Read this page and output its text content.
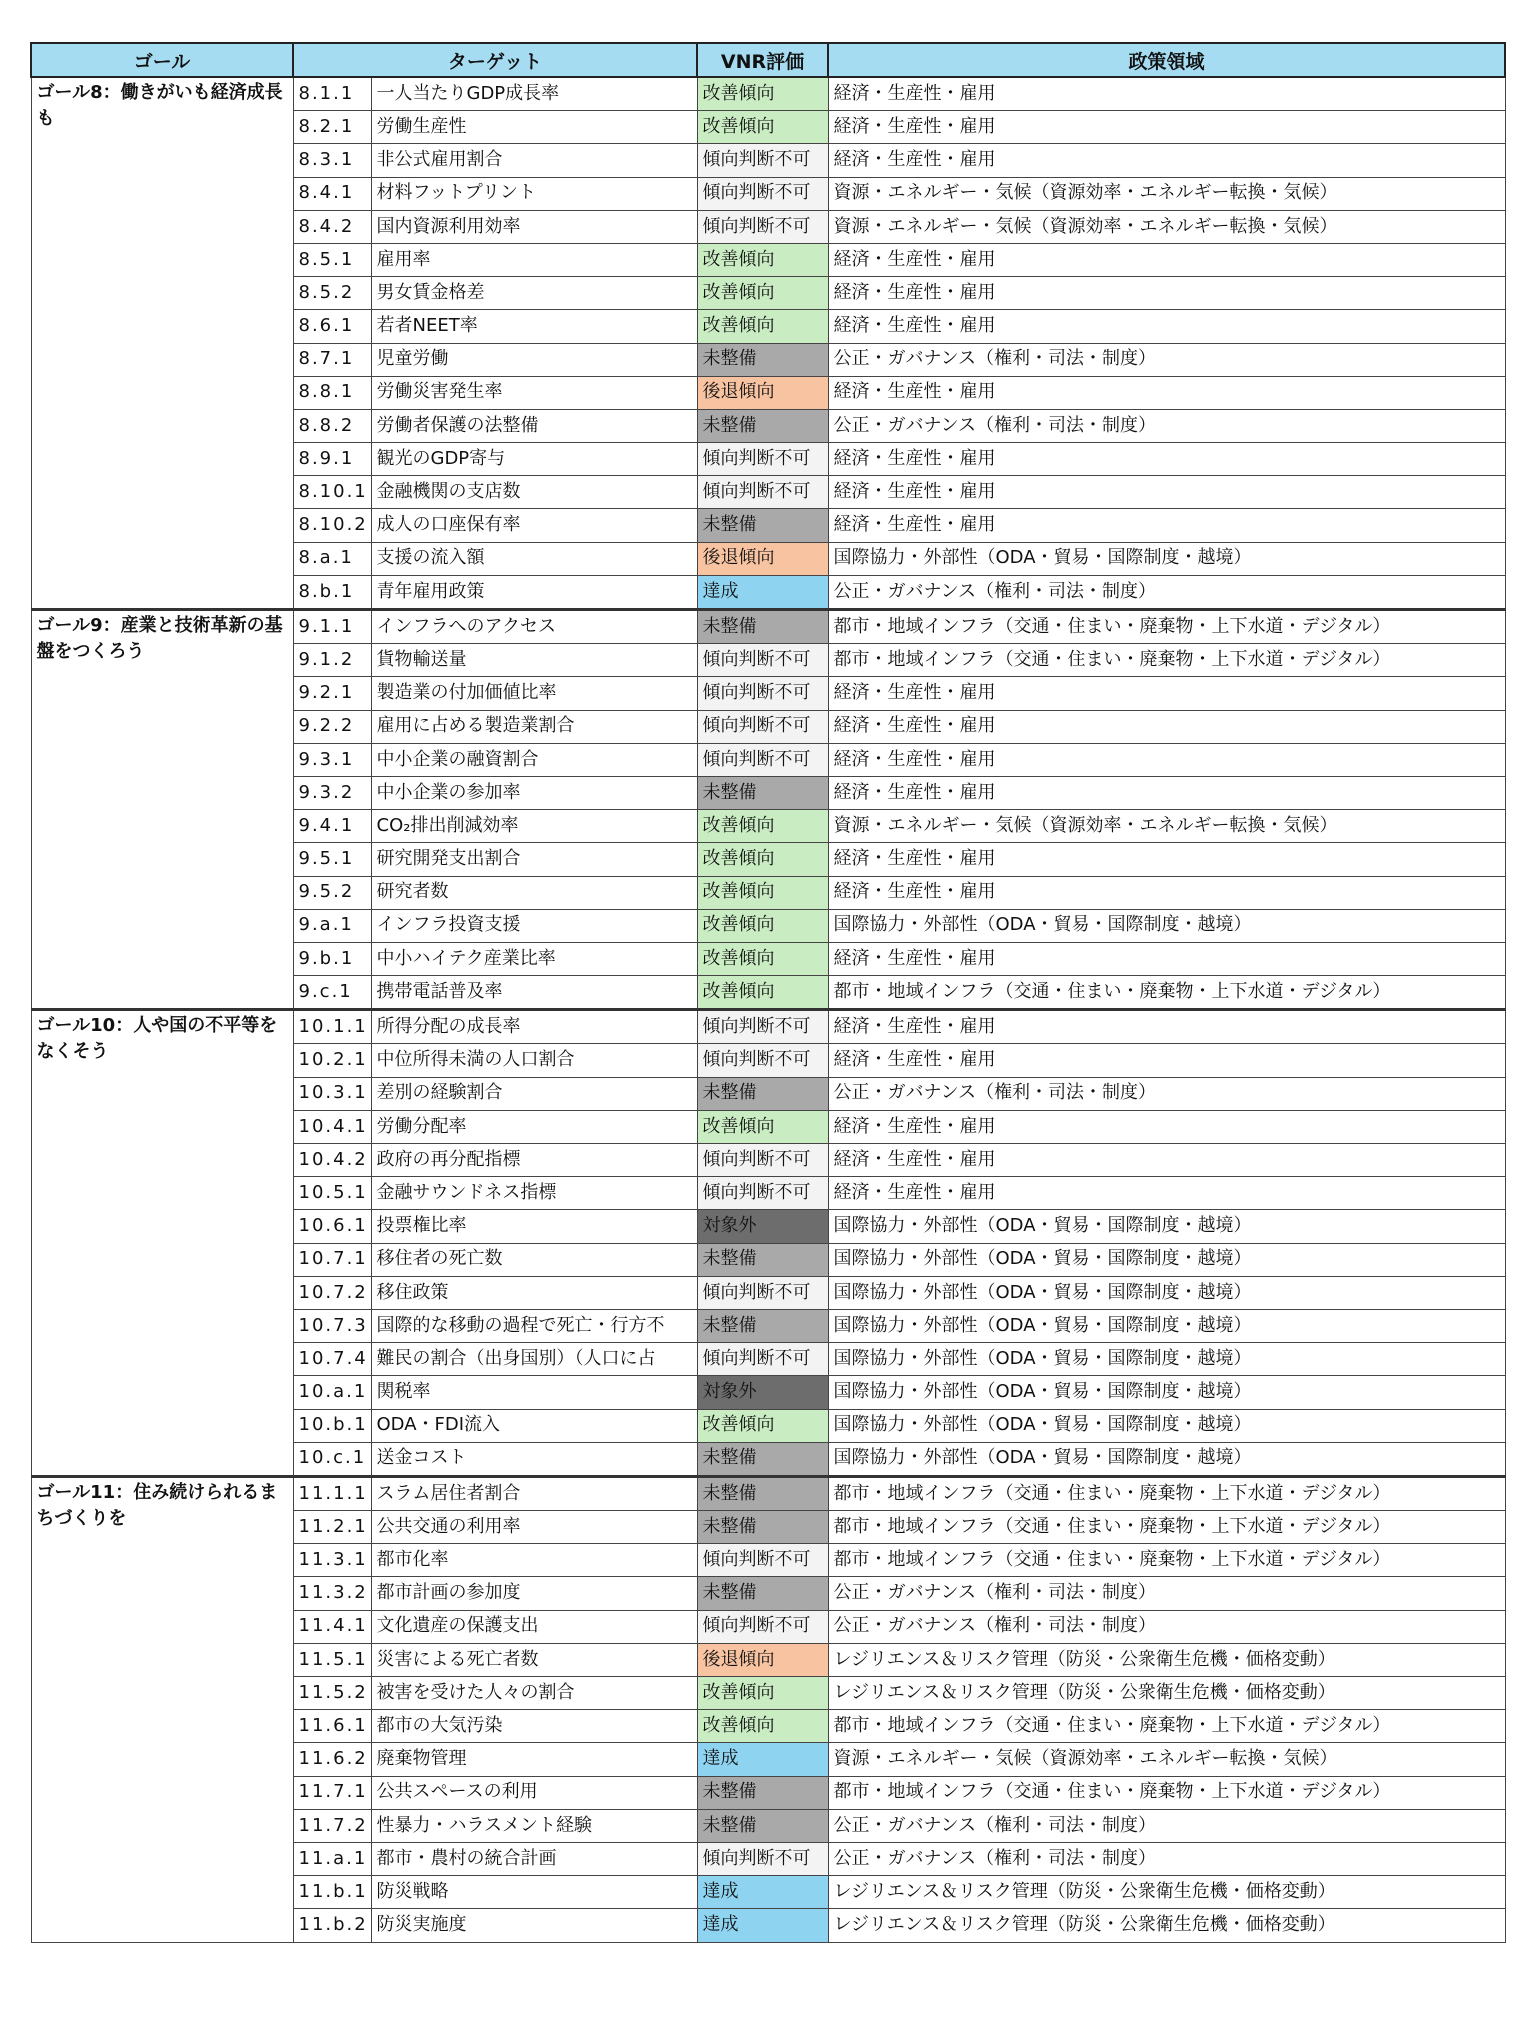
ゴール	ターゲット		VNR評価	政策領域
ゴール8：働きがいも経済成長も	8.1.1	一人当たりGDP成長率	改善傾向	経済・生産性・雇用
	8.2.1	労働生産性	改善傾向	経済・生産性・雇用
	8.3.1	非公式雇用割合	傾向判断不可	経済・生産性・雇用
	8.4.1	材料フットプリント	傾向判断不可	資源・エネルギー・気候（資源効率・エネルギー転換・気候）
	8.4.2	国内資源利用効率	傾向判断不可	資源・エネルギー・気候（資源効率・エネルギー転換・気候）
	8.5.1	雇用率	改善傾向	経済・生産性・雇用
	8.5.2	男女賃金格差	改善傾向	経済・生産性・雇用
	8.6.1	若者NEET率	改善傾向	経済・生産性・雇用
	8.7.1	児童労働	未整備	公正・ガバナンス（権利・司法・制度）
	8.8.1	労働災害発生率	後退傾向	経済・生産性・雇用
	8.8.2	労働者保護の法整備	未整備	公正・ガバナンス（権利・司法・制度）
	8.9.1	観光のGDP寄与	傾向判断不可	経済・生産性・雇用
	8.10.1	金融機関の支店数	傾向判断不可	経済・生産性・雇用
	8.10.2	成人の口座保有率	未整備	経済・生産性・雇用
	8.a.1	支援の流入額	後退傾向	国際協力・外部性（ODA・貿易・国際制度・越境）
	8.b.1	青年雇用政策	達成	公正・ガバナンス（権利・司法・制度）
ゴール9：産業と技術革新の基盤をつくろう	9.1.1	インフラへのアクセス	未整備	都市・地域インフラ（交通・住まい・廃棄物・上下水道・デジタル）
	9.1.2	貨物輸送量	傾向判断不可	都市・地域インフラ（交通・住まい・廃棄物・上下水道・デジタル）
	9.2.1	製造業の付加価値比率	傾向判断不可	経済・生産性・雇用
	9.2.2	雇用に占める製造業割合	傾向判断不可	経済・生産性・雇用
	9.3.1	中小企業の融資割合	傾向判断不可	経済・生産性・雇用
	9.3.2	中小企業の参加率	未整備	経済・生産性・雇用
	9.4.1	CO₂排出削減効率	改善傾向	資源・エネルギー・気候（資源効率・エネルギー転換・気候）
	9.5.1	研究開発支出割合	改善傾向	経済・生産性・雇用
	9.5.2	研究者数	改善傾向	経済・生産性・雇用
	9.a.1	インフラ投資支援	改善傾向	国際協力・外部性（ODA・貿易・国際制度・越境）
	9.b.1	中小ハイテク産業比率	改善傾向	経済・生産性・雇用
	9.c.1	携帯電話普及率	改善傾向	都市・地域インフラ（交通・住まい・廃棄物・上下水道・デジタル）
ゴール10：人や国の不平等をなくそう	10.1.1	所得分配の成長率	傾向判断不可	経済・生産性・雇用
	10.2.1	中位所得未満の人口割合	傾向判断不可	経済・生産性・雇用
	10.3.1	差別の経験割合	未整備	公正・ガバナンス（権利・司法・制度）
	10.4.1	労働分配率	改善傾向	経済・生産性・雇用
	10.4.2	政府の再分配指標	傾向判断不可	経済・生産性・雇用
	10.5.1	金融サウンドネス指標	傾向判断不可	経済・生産性・雇用
	10.6.1	投票権比率	対象外	国際協力・外部性（ODA・貿易・国際制度・越境）
	10.7.1	移住者の死亡数	未整備	国際協力・外部性（ODA・貿易・国際制度・越境）
	10.7.2	移住政策	傾向判断不可	国際協力・外部性（ODA・貿易・国際制度・越境）
	10.7.3	国際的な移動の過程で死亡・行方不	未整備	国際協力・外部性（ODA・貿易・国際制度・越境）
	10.7.4	難民の割合（出身国別）（人口に占	傾向判断不可	国際協力・外部性（ODA・貿易・国際制度・越境）
	10.a.1	関税率	対象外	国際協力・外部性（ODA・貿易・国際制度・越境）
	10.b.1	ODA・FDI流入	改善傾向	国際協力・外部性（ODA・貿易・国際制度・越境）
	10.c.1	送金コスト	未整備	国際協力・外部性（ODA・貿易・国際制度・越境）
ゴール11：住み続けられるまちづくりを	11.1.1	スラム居住者割合	未整備	都市・地域インフラ（交通・住まい・廃棄物・上下水道・デジタル）
	11.2.1	公共交通の利用率	未整備	都市・地域インフラ（交通・住まい・廃棄物・上下水道・デジタル）
	11.3.1	都市化率	傾向判断不可	都市・地域インフラ（交通・住まい・廃棄物・上下水道・デジタル）
	11.3.2	都市計画の参加度	未整備	公正・ガバナンス（権利・司法・制度）
	11.4.1	文化遺産の保護支出	傾向判断不可	公正・ガバナンス（権利・司法・制度）
	11.5.1	災害による死亡者数	後退傾向	レジリエンス＆リスク管理（防災・公衆衛生危機・価格変動）
	11.5.2	被害を受けた人々の割合	改善傾向	レジリエンス＆リスク管理（防災・公衆衛生危機・価格変動）
	11.6.1	都市の大気汚染	改善傾向	都市・地域インフラ（交通・住まい・廃棄物・上下水道・デジタル）
	11.6.2	廃棄物管理	達成	資源・エネルギー・気候（資源効率・エネルギー転換・気候）
	11.7.1	公共スペースの利用	未整備	都市・地域インフラ（交通・住まい・廃棄物・上下水道・デジタル）
	11.7.2	性暴力・ハラスメント経験	未整備	公正・ガバナンス（権利・司法・制度）
	11.a.1	都市・農村の統合計画	傾向判断不可	公正・ガバナンス（権利・司法・制度）
	11.b.1	防災戦略	達成	レジリエンス＆リスク管理（防災・公衆衛生危機・価格変動）
	11.b.2	防災実施度	達成	レジリエンス＆リスク管理（防災・公衆衛生危機・価格変動）
